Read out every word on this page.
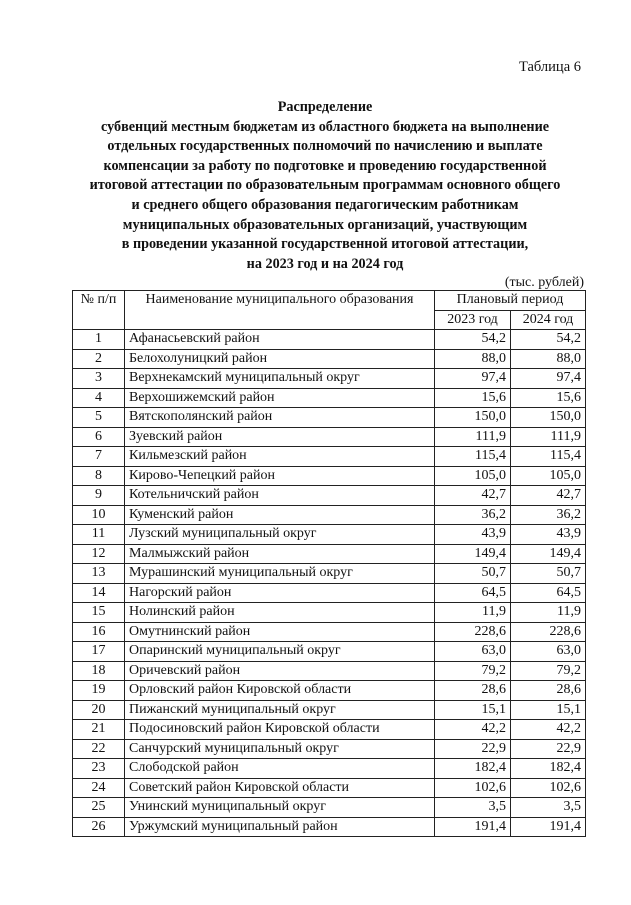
Таблица 6
Распределение
субвенций местным бюджетам из областного бюджета на выполнение
отдельных государственных полномочий по начислению и выплате
компенсации за работу по подготовке и проведению государственной
итоговой аттестации по образовательным программам основного общего
и среднего общего образования педагогическим работникам
муниципальных образовательных организаций, участвующим
в проведении указанной государственной итоговой аттестации,
на 2023 год и на 2024 год
(тыс. рублей)
№ п/п	Наименование муниципального образования	Плановый период	
		2023 год	2024 год
1	Афанасьевский район	54,2	54,2
2	Белохолуницкий район	88,0	88,0
3	Верхнекамский муниципальный округ	97,4	97,4
4	Верхошижемский район	15,6	15,6
5	Вятскополянский район	150,0	150,0
6	Зуевский район	111,9	111,9
7	Кильмезский район	115,4	115,4
8	Кирово-Чепецкий район	105,0	105,0
9	Котельничский район	42,7	42,7
10	Куменский район	36,2	36,2
11	Лузский муниципальный округ	43,9	43,9
12	Малмыжский район	149,4	149,4
13	Мурашинский муниципальный округ	50,7	50,7
14	Нагорский район	64,5	64,5
15	Нолинский район	11,9	11,9
16	Омутнинский район	228,6	228,6
17	Опаринский муниципальный округ	63,0	63,0
18	Оричевский район	79,2	79,2
19	Орловский район Кировской области	28,6	28,6
20	Пижанский муниципальный округ	15,1	15,1
21	Подосиновский район Кировской области	42,2	42,2
22	Санчурский муниципальный округ	22,9	22,9
23	Слободской район	182,4	182,4
24	Советский район Кировской области	102,6	102,6
25	Унинский муниципальный округ	3,5	3,5
26	Уржумский муниципальный район	191,4	191,4
